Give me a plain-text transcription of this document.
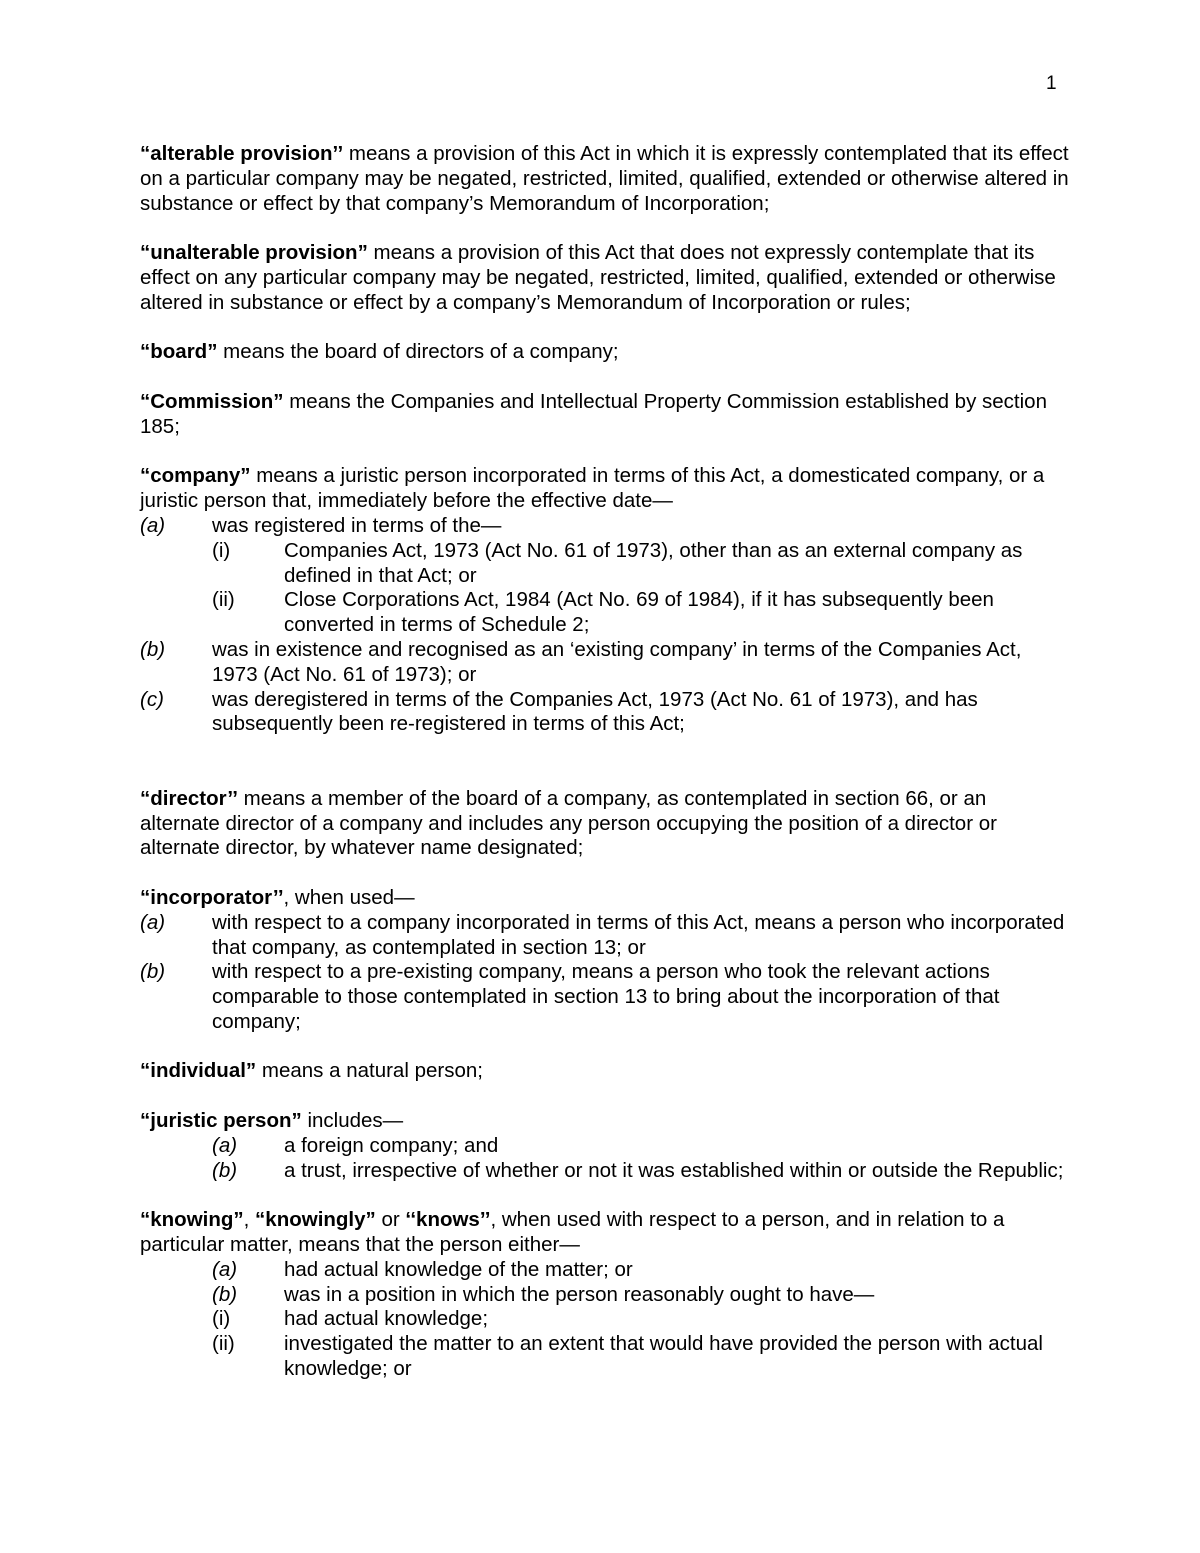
1

“alterable provision’’ means a provision of this Act in which it is expressly contemplated that its effect on a particular company may be negated, restricted, limited, qualified, extended or otherwise altered in substance or effect by that company’s Memorandum of Incorporation;

“unalterable provision” means a provision of this Act that does not expressly contemplate that its effect on any particular company may be negated, restricted, limited, qualified, extended or otherwise altered in substance or effect by a company’s Memorandum of Incorporation or rules;

“board” means the board of directors of a company;

“Commission” means the Companies and Intellectual Property Commission established by section 185;

“company” means a juristic person incorporated in terms of this Act, a domesticated company, or a juristic person that, immediately before the effective date—

(a)	was registered in terms of the—
(i)	Companies Act, 1973 (Act No. 61 of 1973), other than as an external company as defined in that Act; or
(ii)	Close Corporations Act, 1984 (Act No. 69 of 1984), if it has subsequently been converted in terms of Schedule 2;
(b)	was in existence and recognised as an ‘existing company’ in terms of the Companies Act, 1973 (Act No. 61 of 1973); or
(c)	was deregistered in terms of the Companies Act, 1973 (Act No. 61 of 1973), and has subsequently been re-registered in terms of this Act;

“director’’ means a member of the board of a company, as contemplated in section 66, or an alternate director of a company and includes any person occupying the position of a director or alternate director, by whatever name designated;

“incorporator’’, when used—

(a)	with respect to a company incorporated in terms of this Act, means a person who incorporated that company, as contemplated in section 13; or
(b)	with respect to a pre-existing company, means a person who took the relevant actions comparable to those contemplated in section 13 to bring about the incorporation of that company;

“individual” means a natural person;

“juristic person” includes—

(a)	a foreign company; and
(b)	a trust, irrespective of whether or not it was established within or outside the Republic;

“knowing”, “knowingly” or ‘‘knows’’, when used with respect to a person, and in relation to a particular matter, means that the person either—

(a)	had actual knowledge of the matter; or
(b)	was in a position in which the person reasonably ought to have—
(i)	had actual knowledge;
(ii)	investigated the matter to an extent that would have provided the person with actual knowledge; or
